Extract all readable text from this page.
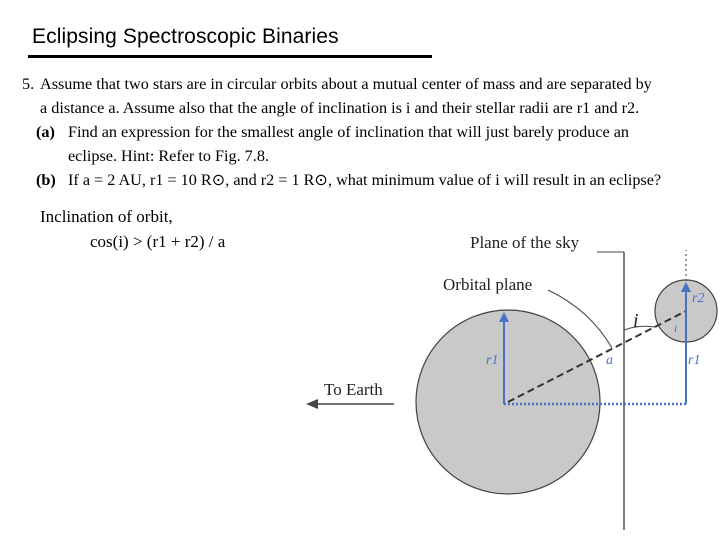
Eclipsing Spectroscopic Binaries
5. Assume that two stars are in circular orbits about a mutual center of mass and are separated by
a distance a. Assume also that the angle of inclination is i and their stellar radii are r1 and r2.
(a) Find an expression for the smallest angle of inclination that will just barely produce an
eclipse. Hint: Refer to Fig. 7.8.
(b) If a = 2 AU, r1 = 10 R⊙, and r2 = 1 R⊙, what minimum value of i will result in an eclipse?
Inclination of orbit,
cos(i) > (r1 + r2) / a	Plane of the sky
Orbital plane
To Earth
i
r2
i
r1	a	r1
